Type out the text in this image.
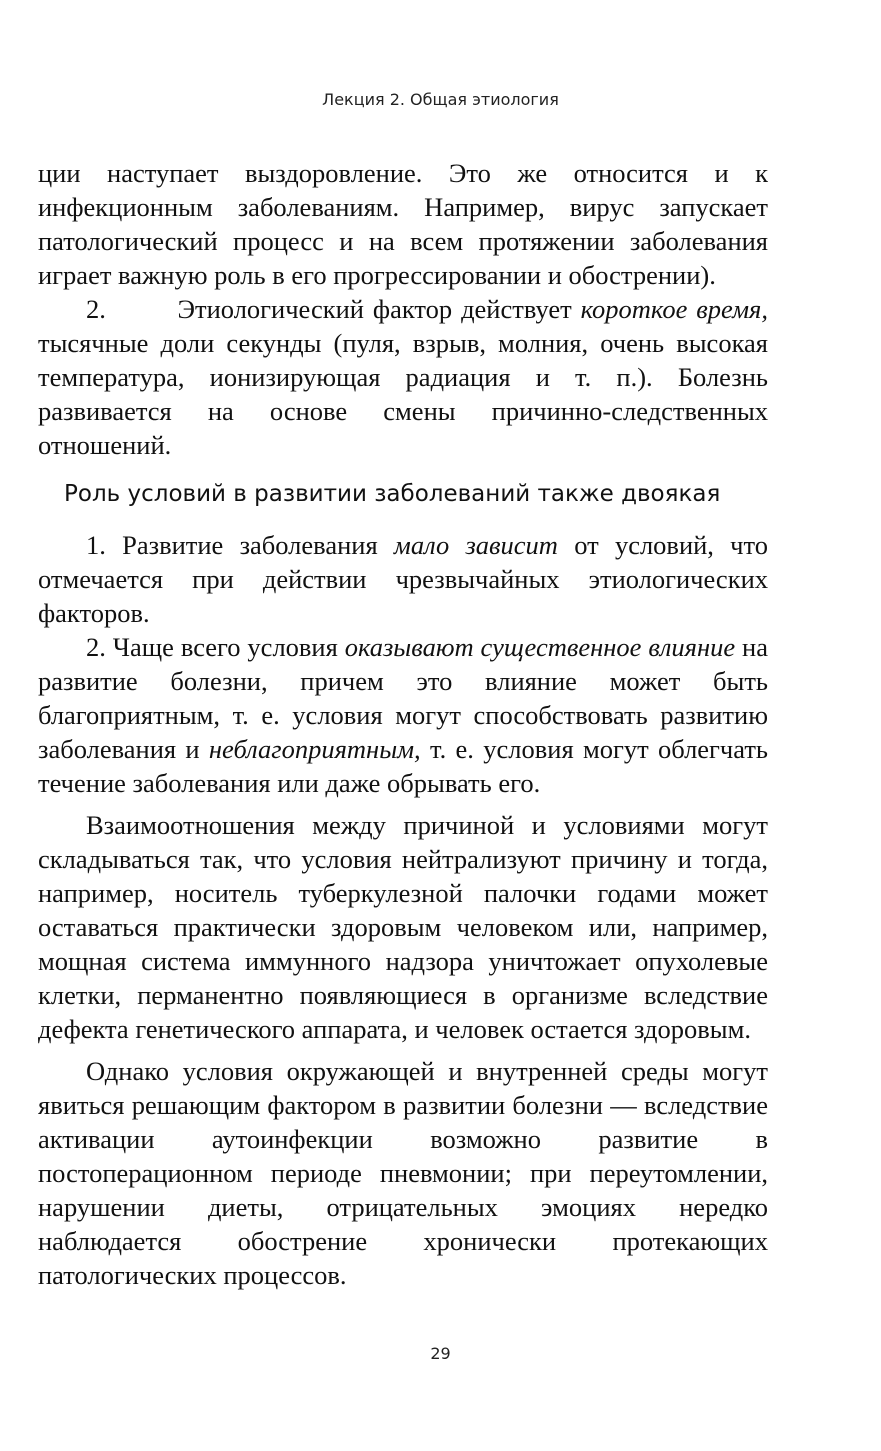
Лекция 2. Общая этиология

ции наступает выздоровление. Это же относится и к инфекционным заболеваниям. Например, вирус запускает патологический процесс и на всем протяжении заболевания играет важную роль в его прогрессировании и обострении).

2.	Этиологический фактор действует короткое время, тысячные доли секунды (пуля, взрыв, молния, очень высокая температура, ионизирующая радиация и т. п.). Болезнь развивается на основе смены причинно-следственных отношений.

Роль условий в развитии заболеваний также двоякая

1. Развитие заболевания мало зависит от условий, что отмечается при действии чрезвычайных этиологических факторов.

2. Чаще всего условия оказывают существенное влияние на развитие болезни, причем это влияние может быть благоприятным, т. е. условия могут способствовать развитию заболевания и неблагоприятным, т. е. условия могут облегчать течение заболевания или даже обрывать его.

Взаимоотношения между причиной и условиями могут складываться так, что условия нейтрализуют причину и тогда, например, носитель туберкулезной палочки годами может оставаться практически здоровым человеком или, например, мощная система иммунного надзора уничтожает опухолевые клетки, перманентно появляющиеся в организме вследствие дефекта генетического аппарата, и человек остается здоровым.

Однако условия окружающей и внутренней среды могут явиться решающим фактором в развитии болезни — вследствие активации аутоинфекции возможно развитие в постоперационном периоде пневмонии; при переутомлении, нарушении диеты, отрицательных эмоциях нередко наблюдается обострение хронически протекающих патологических процессов.

29
